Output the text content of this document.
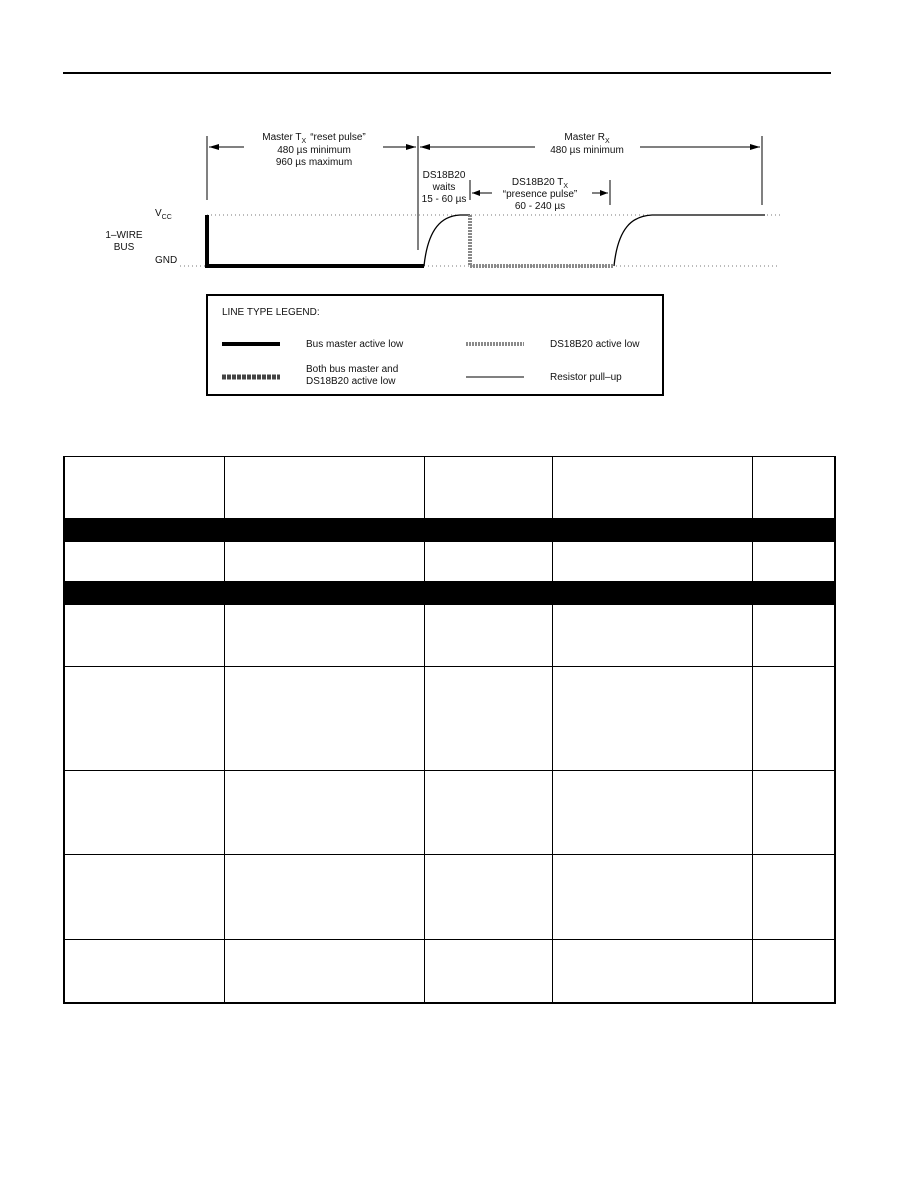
Master $T_X$ “reset pulse”
480 µs minimum
960 µs maximum
Master $R_X$
480 µs minimum
DS18B20
waits
15 - 60 µs
DS18B20 $T_X$
“presence pulse”
60 - 240 µs
$V_{CC}$
GND
1–WIRE
BUS
LINE TYPE LEGEND:
Bus master active low	DS18B20 active low
Both bus master and
DS18B20 active low	Resistor pull–up
